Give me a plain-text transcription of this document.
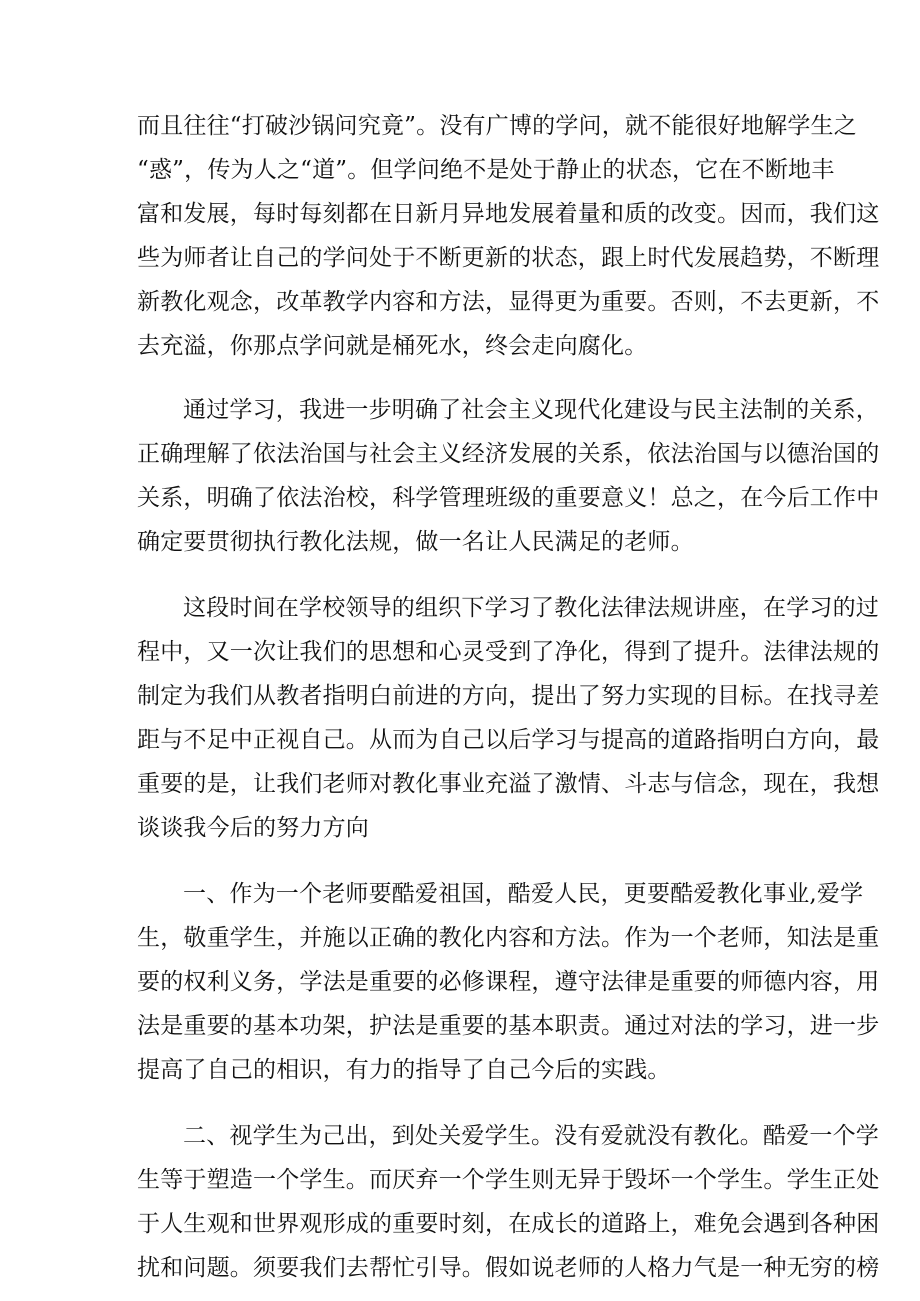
而且往往“打破沙锅问究竟”。没有广博的学问，就不能很好地解学生之
“惑”，传为人之“道”。但学问绝不是处于静止的状态，它在不断地丰
富和发展，每时每刻都在日新月异地发展着量和质的改变。因而，我们这
些为师者让自己的学问处于不断更新的状态，跟上时代发展趋势，不断理
新教化观念，改革教学内容和方法，显得更为重要。否则，不去更新，不
去充溢，你那点学问就是桶死水，终会走向腐化。
通过学习，我进一步明确了社会主义现代化建设与民主法制的关系，
正确理解了依法治国与社会主义经济发展的关系，依法治国与以德治国的
关系，明确了依法治校，科学管理班级的重要意义！总之，在今后工作中
确定要贯彻执行教化法规，做一名让人民满足的老师。
这段时间在学校领导的组织下学习了教化法律法规讲座，在学习的过
程中，又一次让我们的思想和心灵受到了净化，得到了提升。法律法规的
制定为我们从教者指明白前进的方向，提出了努力实现的目标。在找寻差
距与不足中正视自己。从而为自己以后学习与提高的道路指明白方向，最
重要的是，让我们老师对教化事业充溢了激情、斗志与信念，现在，我想
谈谈我今后的努力方向
一、作为一个老师要酷爱祖国，酷爱人民，更要酷爱教化事业,爱学
生，敬重学生，并施以正确的教化内容和方法。作为一个老师，知法是重
要的权利义务，学法是重要的必修课程，遵守法律是重要的师德内容，用
法是重要的基本功架，护法是重要的基本职责。通过对法的学习，进一步
提高了自己的相识，有力的指导了自己今后的实践。
二、视学生为己出，到处关爱学生。没有爱就没有教化。酷爱一个学
生等于塑造一个学生。而厌弃一个学生则无异于毁坏一个学生。学生正处
于人生观和世界观形成的重要时刻，在成长的道路上，难免会遇到各种困
扰和问题。须要我们去帮忙引导。假如说老师的人格力气是一种无穷的榜
